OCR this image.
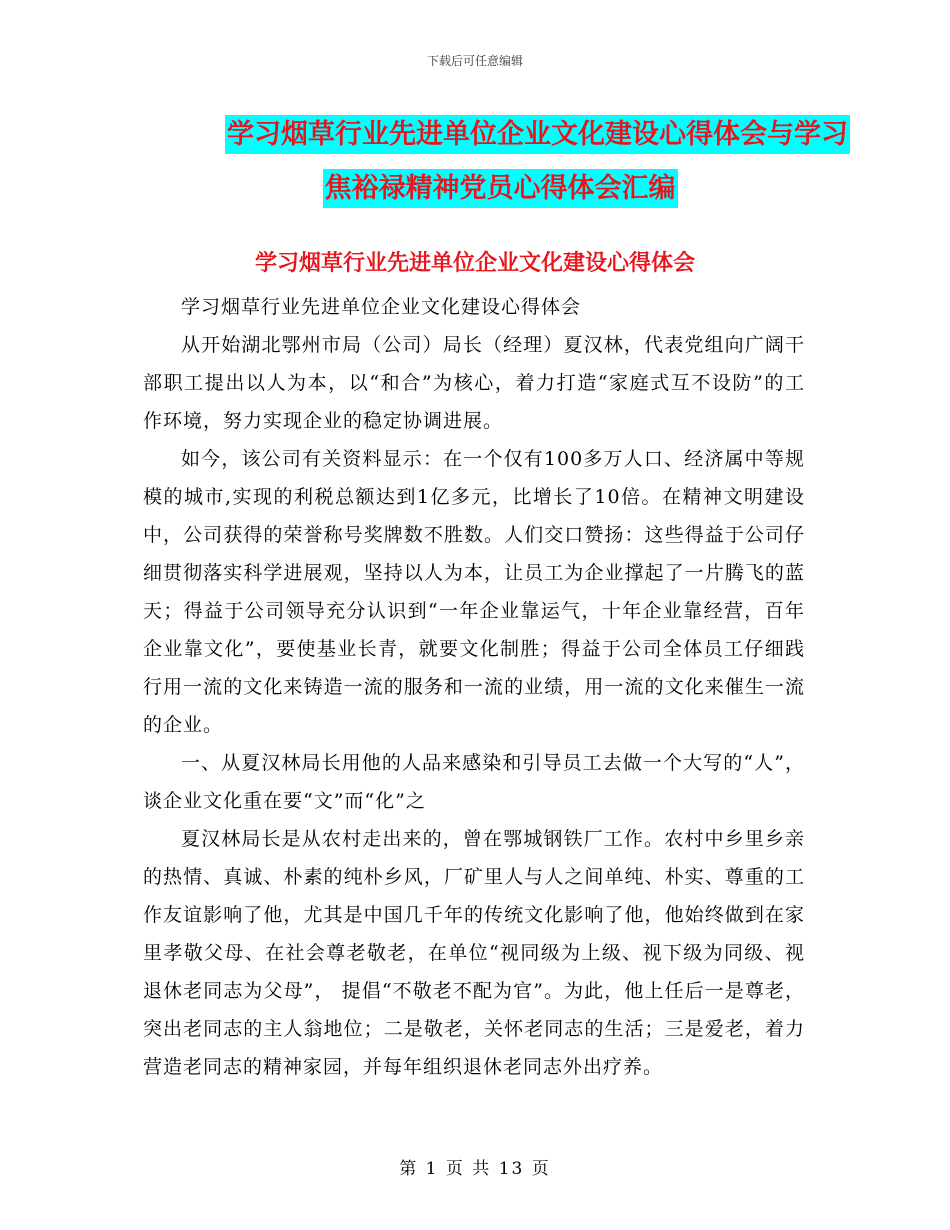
下载后可任意编辑
学习烟草行业先进单位企业文化建设心得体会与学习
焦裕禄精神党员心得体会汇编
学习烟草行业先进单位企业文化建设心得体会

学习烟草行业先进单位企业文化建设心得体会

从开始湖北鄂州市局（公司）局长（经理）夏汉林，代表党组向广阔干部职工提出以人为本，以“和合”为核心，着力打造“家庭式互不设防”的工作环境，努力实现企业的稳定协调进展。

如今，该公司有关资料显示：在一个仅有100多万人口、经济属中等规模的城市,实现的利税总额达到1亿多元，比增长了10倍。在精神文明建设中，公司获得的荣誉称号奖牌数不胜数。人们交口赞扬：这些得益于公司仔细贯彻落实科学进展观，坚持以人为本，让员工为企业撑起了一片腾飞的蓝天；得益于公司领导充分认识到“一年企业靠运气，十年企业靠经营，百年企业靠文化”，要使基业长青，就要文化制胜；得益于公司全体员工仔细践行用一流的文化来铸造一流的服务和一流的业绩，用一流的文化来催生一流的企业。

一、从夏汉林局长用他的人品来感染和引导员工去做一个大写的“人”，谈企业文化重在要“文”而“化”之

夏汉林局长是从农村走出来的，曾在鄂城钢铁厂工作。农村中乡里乡亲的热情、真诚、朴素的纯朴乡风，厂矿里人与人之间单纯、朴实、尊重的工作友谊影响了他，尤其是中国几千年的传统文化影响了他，他始终做到在家里孝敬父母、在社会尊老敬老，在单位“视同级为上级、视下级为同级、视退休老同志为父母”， 提倡“不敬老不配为官”。为此，他上任后一是尊老，突出老同志的主人翁地位；二是敬老，关怀老同志的生活；三是爱老，着力营造老同志的精神家园，并每年组织退休老同志外出疗养。

第 1 页 共 13 页
